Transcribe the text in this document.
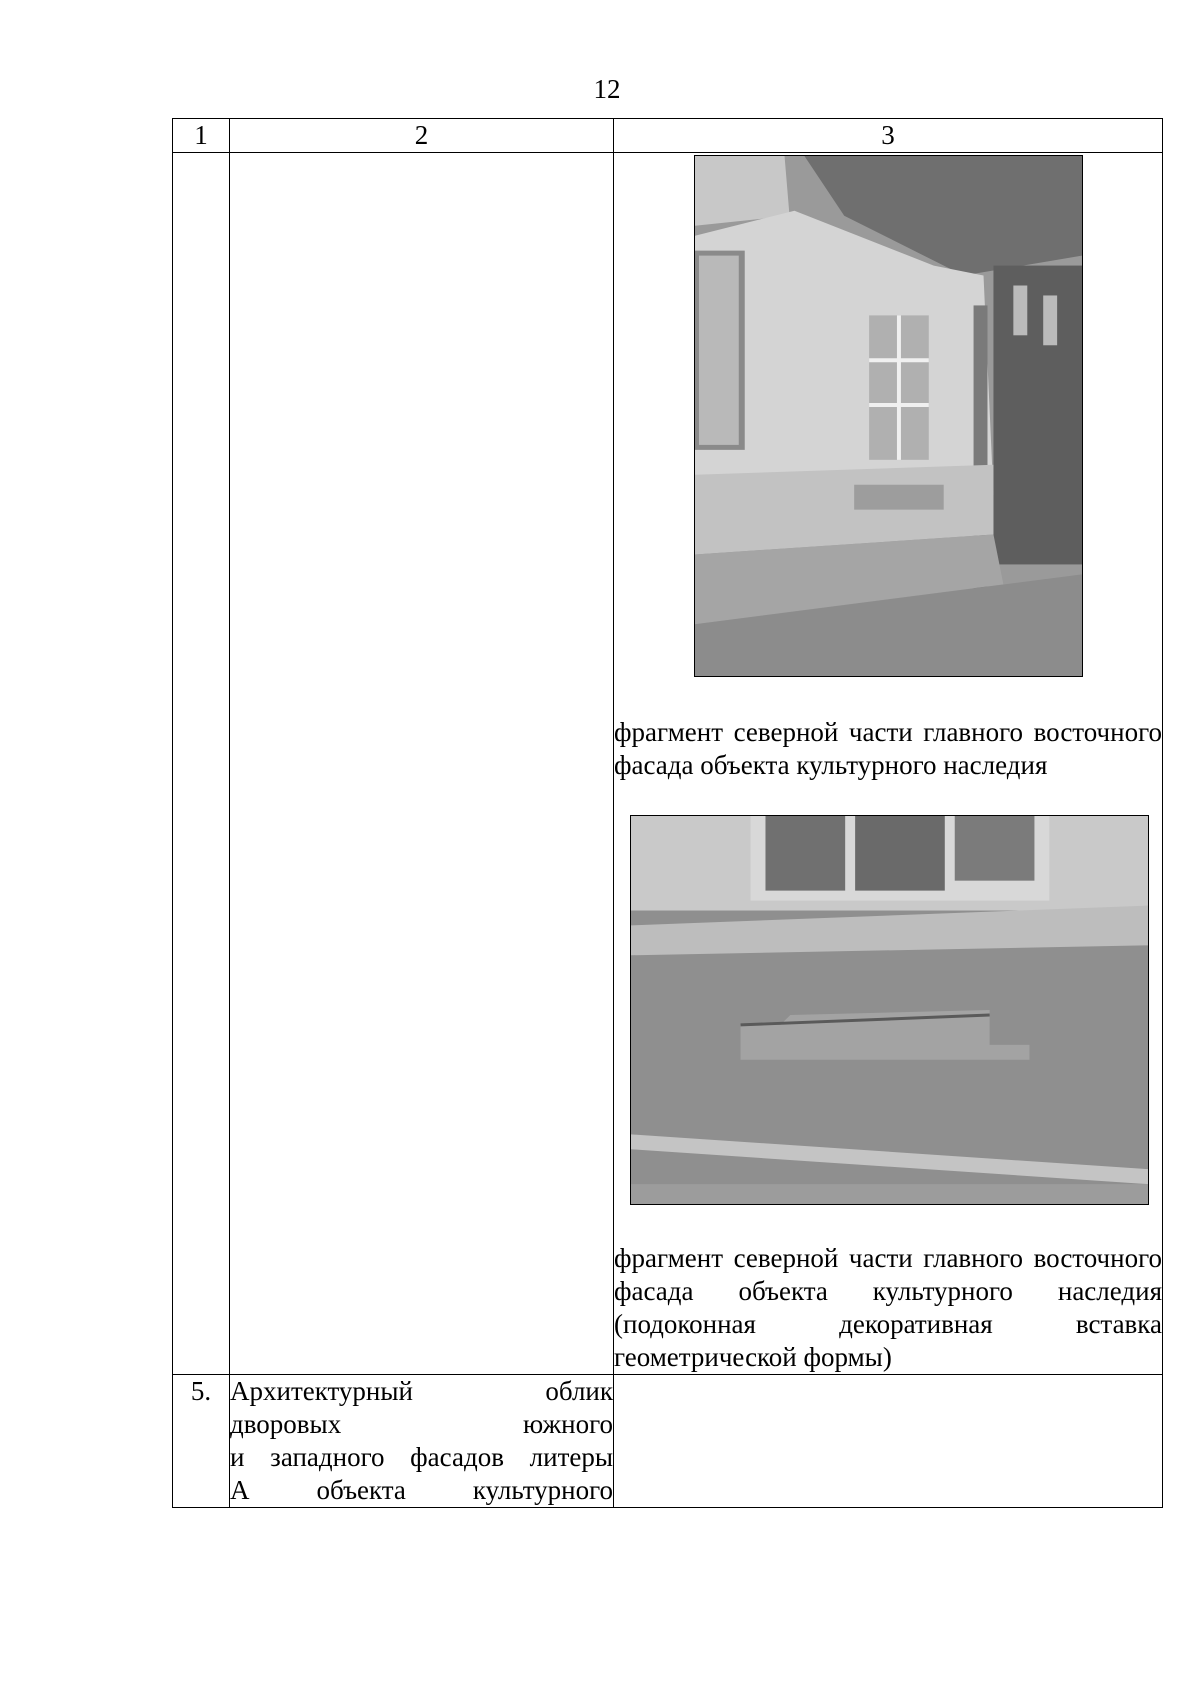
12
1	2	3

		фрагмент северной части главного восточного фасада объекта культурного наследия

фрагмент северной части главного восточного фасада объекта культурного наследия (подоконная декоративная вставка геометрической формы)

5.	Архитектурный облик
дворовых южного
и западного фасадов литеры
А объекта культурного	
